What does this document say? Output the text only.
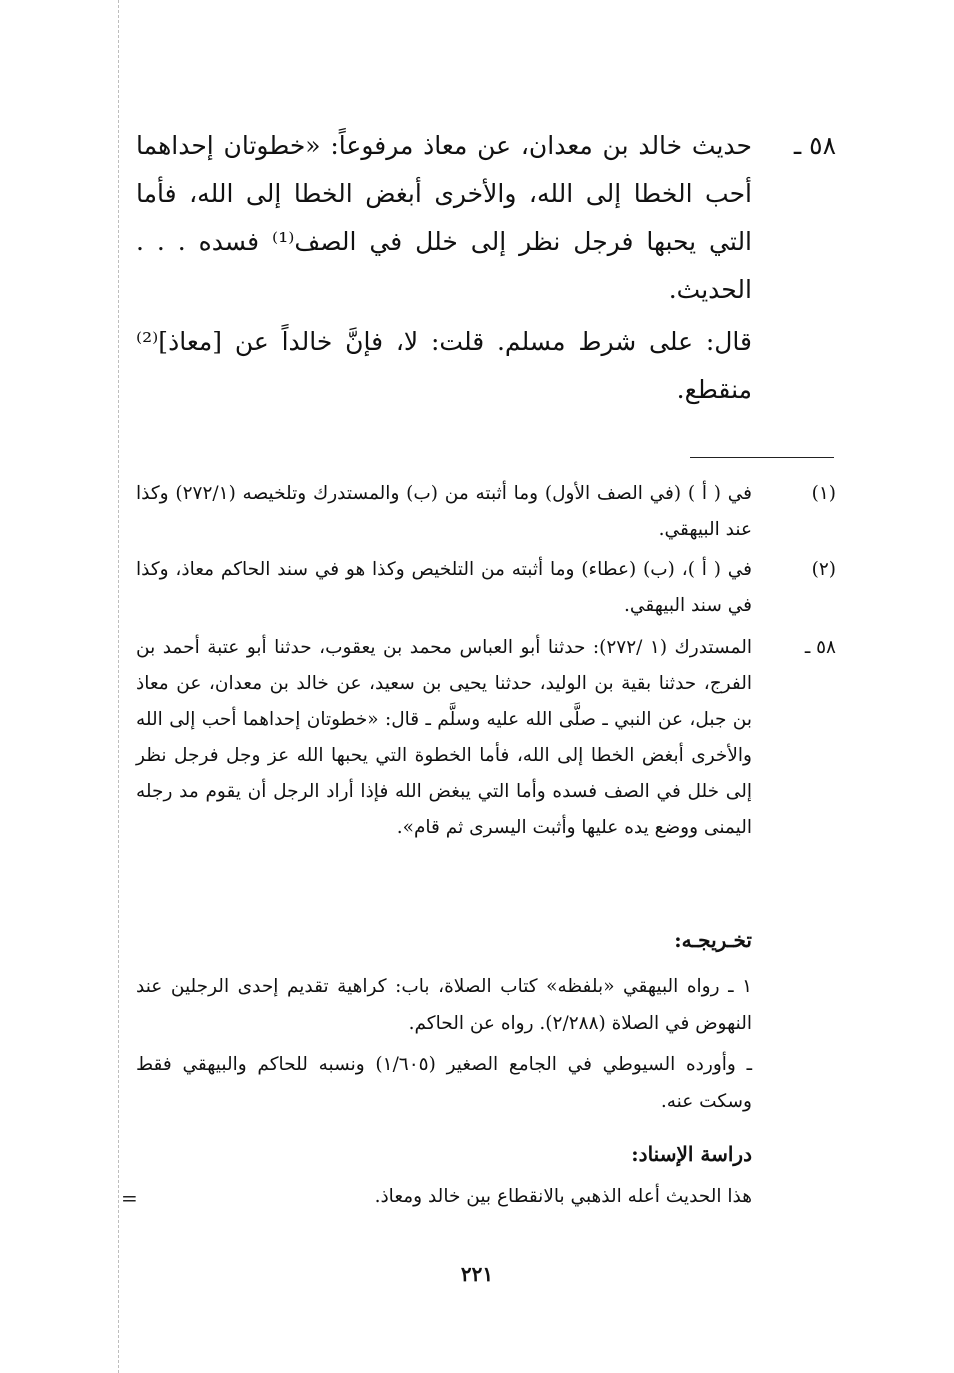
=
٥٨ ـ
حديث خالد بن معدان، عن معاذ مرفوعاً: «خطوتان إحداهما أحب الخطا إلى الله، والأخرى أبغض الخطا إلى الله، فأما التي يحبها فرجل نظر إلى خلل في الصف⁽¹⁾ فسده . . . الحديث.
قال: على شرط مسلم. قلت: لا، فإنَّ خالداً عن [معاذ]⁽²⁾ منقطع.
(١)
في ( أ ) (في الصف الأول) وما أثبته من (ب) والمستدرك وتلخيصه (٢٧٢/١) وكذا عند البيهقي.
(٢)
في ( أ )، (ب) (عطاء) وما أثبته من التلخيص وكذا هو في سند الحاكم معاذ، وكذا في سند البيهقي.
٥٨ ـ
المستدرك (١ /٢٧٢): حدثنا أبو العباس محمد بن يعقوب، حدثنا أبو عتبة أحمد بن الفرج، حدثنا بقية بن الوليد، حدثنا يحيى بن سعيد، عن خالد بن معدان، عن معاذ بن جبل، عن النبي ـ صلَّى الله عليه وسلَّم ـ قال: «خطوتان إحداهما أحب إلى الله والأخرى أبغض الخطا إلى الله، فأما الخطوة التي يحبها الله عز وجل فرجل نظر إلى خلل في الصف فسده وأما التي يبغض الله فإذا أراد الرجل أن يقوم مد رجله اليمنى ووضع يده عليها وأثبت اليسرى ثم قام».
تخـريجـه:
١ ـ رواه البيهقي «بلفظه» كتاب الصلاة، باب: كراهية تقديم إحدى الرجلين عند النهوض في الصلاة (٢/٢٨٨). رواه عن الحاكم.
ـ وأورده السيوطي في الجامع الصغير (١/٦٠٥) ونسبه للحاكم والبيهقي فقط وسكت عنه.
دراسة الإسناد:
هذا الحديث أعله الذهبي بالانقطاع بين خالد ومعاذ.
٢٢١
